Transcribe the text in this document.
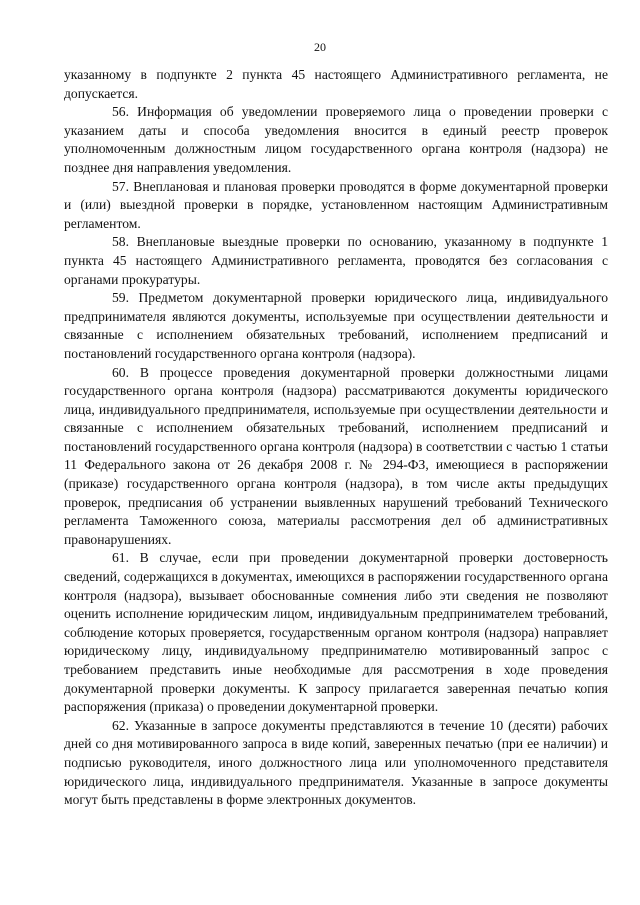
20

указанному в подпункте 2 пункта 45 настоящего Административного регламента, не допускается.

56. Информация об уведомлении проверяемого лица о проведении проверки с указанием даты и способа уведомления вносится в единый реестр проверок уполномоченным должностным лицом государственного органа контроля (надзора) не позднее дня направления уведомления.

57. Внеплановая и плановая проверки проводятся в форме документарной проверки и (или) выездной проверки в порядке, установленном настоящим Административным регламентом.

58. Внеплановые выездные проверки по основанию, указанному в подпункте 1 пункта 45 настоящего Административного регламента, проводятся без согласования с органами прокуратуры.

59. Предметом документарной проверки юридического лица, индивидуального предпринимателя являются документы, используемые при осуществлении деятельности и связанные с исполнением обязательных требований, исполнением предписаний и постановлений государственного органа контроля (надзора).

60. В процессе проведения документарной проверки должностными лицами государственного органа контроля (надзора) рассматриваются документы юридического лица, индивидуального предпринимателя, используемые при осуществлении деятельности и связанные с исполнением обязательных требований, исполнением предписаний и постановлений государственного органа контроля (надзора) в соответствии с частью 1 статьи 11 Федерального закона от 26 декабря 2008 г. № 294-ФЗ, имеющиеся в распоряжении (приказе) государственного органа контроля (надзора), в том числе акты предыдущих проверок, предписания об устранении выявленных нарушений требований Технического регламента Таможенного союза, материалы рассмотрения дел об административных правонарушениях.

61. В случае, если при проведении документарной проверки достоверность сведений, содержащихся в документах, имеющихся в распоряжении государственного органа контроля (надзора), вызывает обоснованные сомнения либо эти сведения не позволяют оценить исполнение юридическим лицом, индивидуальным предпринимателем требований, соблюдение которых проверяется, государственным органом контроля (надзора) направляет юридическому лицу, индивидуальному предпринимателю мотивированный запрос с требованием представить иные необходимые для рассмотрения в ходе проведения документарной проверки документы. К запросу прилагается заверенная печатью копия распоряжения (приказа) о проведении документарной проверки.

62. Указанные в запросе документы представляются в течение 10 (десяти) рабочих дней со дня мотивированного запроса в виде копий, заверенных печатью (при ее наличии) и подписью руководителя, иного должностного лица или уполномоченного представителя юридического лица, индивидуального предпринимателя. Указанные в запросе документы могут быть представлены в форме электронных документов.
